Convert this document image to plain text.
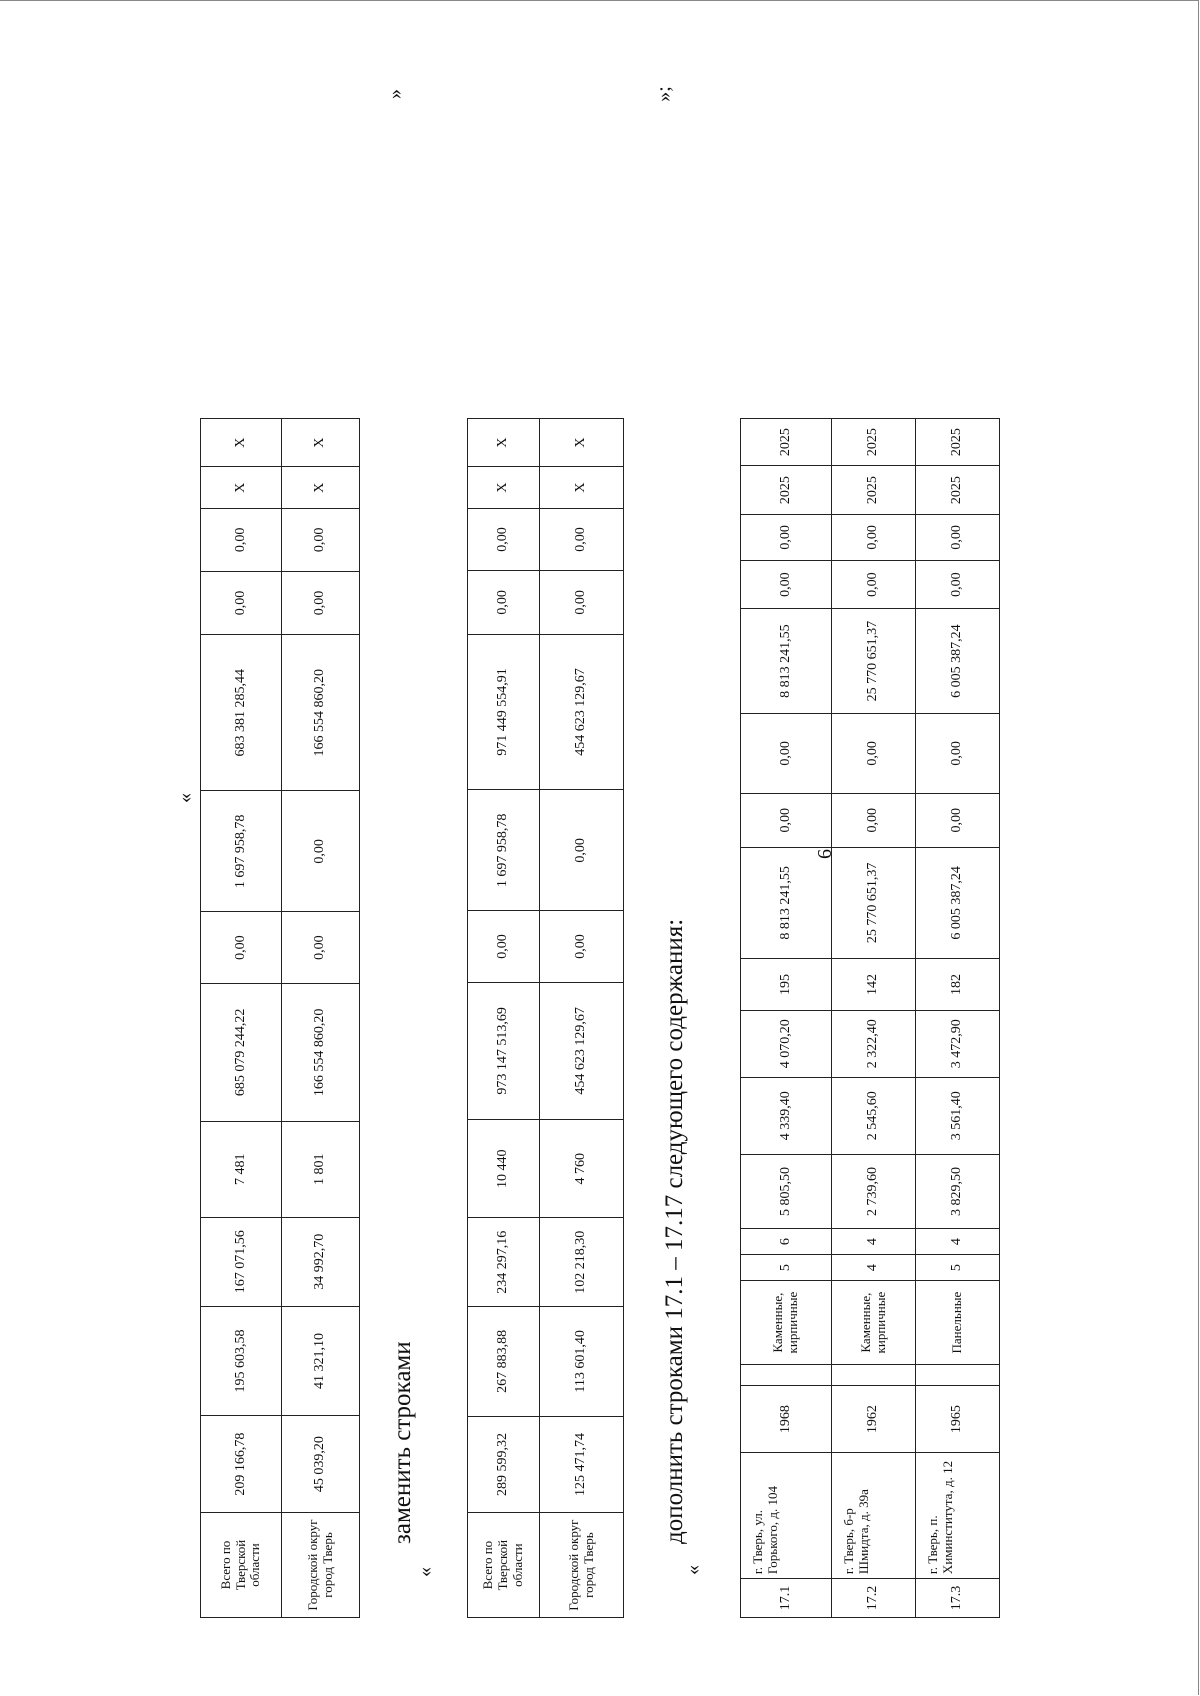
6
Всего по Тверской области	209 166,78	195 603,58	167 071,56	7 481	685 079 244,22	0,00	1 697 958,78	683 381 285,44	0,00	0,00	X	X
Городской округ город Тверь	45 039,20	41 321,10	34 992,70	1 801	166 554 860,20	0,00	0,00	166 554 860,20	0,00	0,00	X	X
«
»
заменить строками
«	Всего по Тверской области	289 599,32	267 883,88	234 297,16	10 440	973 147 513,69	0,00	1 697 958,78	971 449 554,91	0,00	0,00	X	X
Городской округ город Тверь	125 471,74	113 601,40	102 218,30	4 760	454 623 129,67	0,00	0,00	454 623 129,67	0,00	0,00	X	X
»;
дополнить строками 17.1 – 17.17 следующего содержания:
«
17.1	г. Тверь, ул. Горького, д. 104	1968		Каменные, кирпичные	5	6	5 805,50	4 339,40	4 070,20	195	8 813 241,55	0,00	0,00	8 813 241,55	0,00	0,00	2025	2025
17.2	г. Тверь, б-р Шмидта, д. 39а	1962		Каменные, кирпичные	4	4	2 739,60	2 545,60	2 322,40	142	25 770 651,37	0,00	0,00	25 770 651,37	0,00	0,00	2025	2025
17.3	г. Тверь, п. Химинститута, д. 12	1965		Панельные	5	4	3 829,50	3 561,40	3 472,90	182	6 005 387,24	0,00	0,00	6 005 387,24	0,00	0,00	2025	2025
